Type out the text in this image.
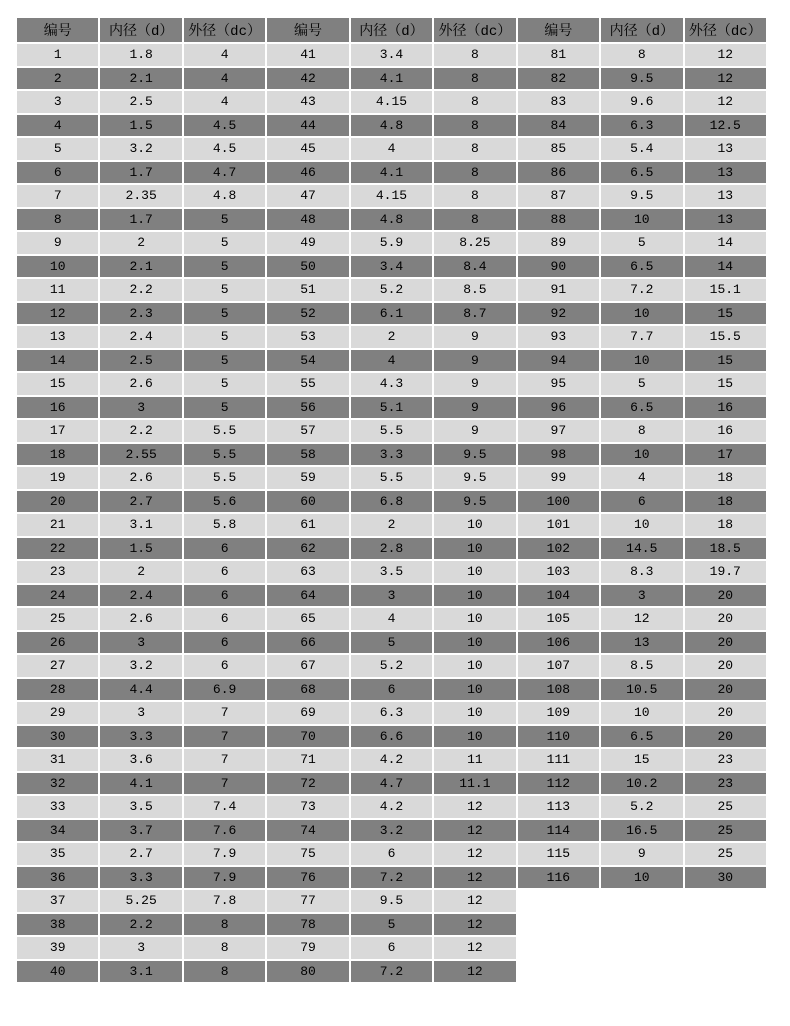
编号	内径（d）	外径（dc）	编号	内径（d）	外径（dc）	编号	内径（d）	外径（dc）
1	1.8	4	41	3.4	8	81	8	12
2	2.1	4	42	4.1	8	82	9.5	12
3	2.5	4	43	4.15	8	83	9.6	12
4	1.5	4.5	44	4.8	8	84	6.3	12.5
5	3.2	4.5	45	4	8	85	5.4	13
6	1.7	4.7	46	4.1	8	86	6.5	13
7	2.35	4.8	47	4.15	8	87	9.5	13
8	1.7	5	48	4.8	8	88	10	13
9	2	5	49	5.9	8.25	89	5	14
10	2.1	5	50	3.4	8.4	90	6.5	14
11	2.2	5	51	5.2	8.5	91	7.2	15.1
12	2.3	5	52	6.1	8.7	92	10	15
13	2.4	5	53	2	9	93	7.7	15.5
14	2.5	5	54	4	9	94	10	15
15	2.6	5	55	4.3	9	95	5	15
16	3	5	56	5.1	9	96	6.5	16
17	2.2	5.5	57	5.5	9	97	8	16
18	2.55	5.5	58	3.3	9.5	98	10	17
19	2.6	5.5	59	5.5	9.5	99	4	18
20	2.7	5.6	60	6.8	9.5	100	6	18
21	3.1	5.8	61	2	10	101	10	18
22	1.5	6	62	2.8	10	102	14.5	18.5
23	2	6	63	3.5	10	103	8.3	19.7
24	2.4	6	64	3	10	104	3	20
25	2.6	6	65	4	10	105	12	20
26	3	6	66	5	10	106	13	20
27	3.2	6	67	5.2	10	107	8.5	20
28	4.4	6.9	68	6	10	108	10.5	20
29	3	7	69	6.3	10	109	10	20
30	3.3	7	70	6.6	10	110	6.5	20
31	3.6	7	71	4.2	11	111	15	23
32	4.1	7	72	4.7	11.1	112	10.2	23
33	3.5	7.4	73	4.2	12	113	5.2	25
34	3.7	7.6	74	3.2	12	114	16.5	25
35	2.7	7.9	75	6	12	115	9	25
36	3.3	7.9	76	7.2	12	116	10	30
37	5.25	7.8	77	9.5	12			
38	2.2	8	78	5	12			
39	3	8	79	6	12			
40	3.1	8	80	7.2	12			
